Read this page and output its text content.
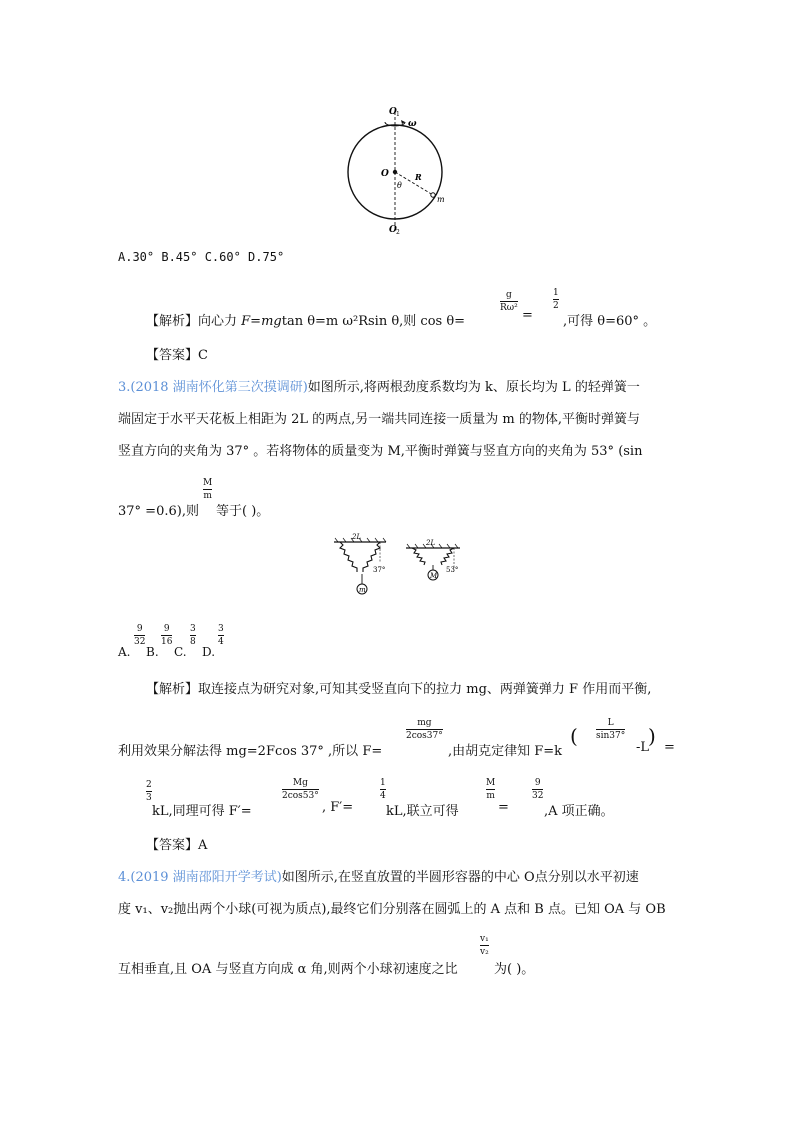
O 1
ω
O
θ
R
m
O 2
A.30° B.45° C.60° D.75°
【解析】向心力 F=mgtan θ=m ω²Rsin θ,则 cos θ=
g
Rω² =
1
2
,可得 θ=60° 。
【答案】C
3.(2018 湖南怀化第三次摸调研)如图所示,将两根劲度系数均为 k、原长均为 L 的轻弹簧一
端固定于水平天花板上相距为 2L 的两点,另一端共同连接一质量为 m 的物体,平衡时弹簧与
竖直方向的夹角为 37° 。若将物体的质量变为 M,平衡时弹簧与竖直方向的夹角为 53° (sin
M
m
37° =0.6),则 等于( )。
2L
37°
m
2L
53°
M
A.
9
32
B.
9
16
C.
3
8
D.
3
4
【解析】取连接点为研究对象,可知其受竖直向下的拉力 mg、两弹簧弹力 F 作用而平衡,
利用效果分解法得 mg=2Fcos 37° ,所以 F=
mg
2cos37°
,由胡克定律知 F=k
(
L
sin37°
-L
) =
2
3
kL,同理可得 F′=
Mg
2cos53°
, F′=
1
4
kL,联立可得
M
m
=
9
32
,A 项正确。
【答案】A
4.(2019 湖南邵阳开学考试)如图所示,在竖直放置的半圆形容器的中心 O点分别以水平初速
度 v₁、v₂抛出两个小球(可视为质点),最终它们分别落在圆弧上的 A 点和 B 点。已知 OA 与 OB
互相垂直,且 OA 与竖直方向成 α 角,则两个小球初速度之比
v₁
v₂
为( )。
